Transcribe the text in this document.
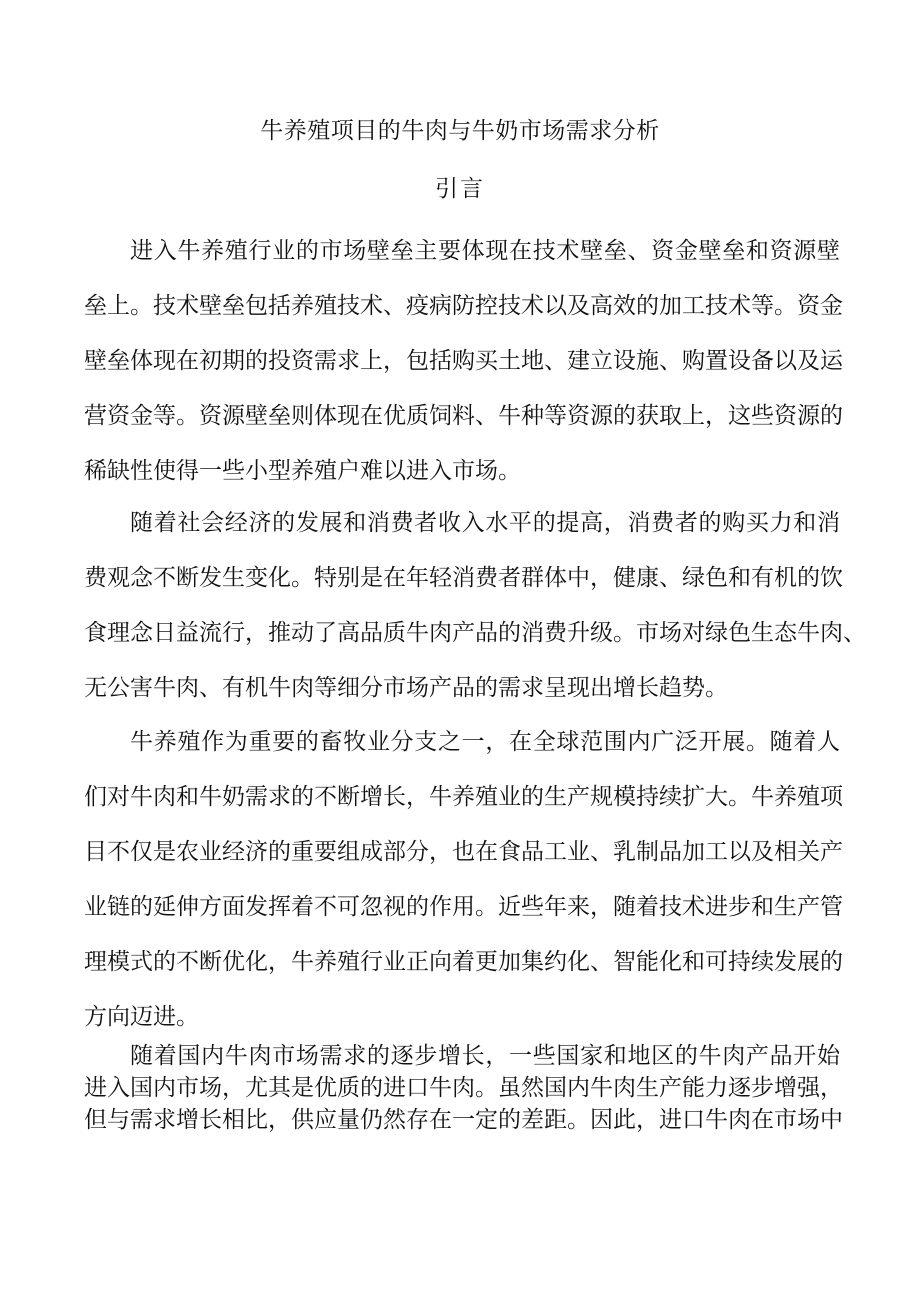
牛养殖项目的牛肉与牛奶市场需求分析
引言
进入牛养殖行业的市场壁垒主要体现在技术壁垒、资金壁垒和资源壁
垒上。技术壁垒包括养殖技术、疫病防控技术以及高效的加工技术等。资金
壁垒体现在初期的投资需求上，包括购买土地、建立设施、购置设备以及运
营资金等。资源壁垒则体现在优质饲料、牛种等资源的获取上，这些资源的
稀缺性使得一些小型养殖户难以进入市场。
随着社会经济的发展和消费者收入水平的提高，消费者的购买力和消
费观念不断发生变化。特别是在年轻消费者群体中，健康、绿色和有机的饮
食理念日益流行，推动了高品质牛肉产品的消费升级。市场对绿色生态牛肉、
无公害牛肉、有机牛肉等细分市场产品的需求呈现出增长趋势。
牛养殖作为重要的畜牧业分支之一，在全球范围内广泛开展。随着人
们对牛肉和牛奶需求的不断增长，牛养殖业的生产规模持续扩大。牛养殖项
目不仅是农业经济的重要组成部分，也在食品工业、乳制品加工以及相关产
业链的延伸方面发挥着不可忽视的作用。近些年来，随着技术进步和生产管
理模式的不断优化，牛养殖行业正向着更加集约化、智能化和可持续发展的
方向迈进。
随着国内牛肉市场需求的逐步增长，一些国家和地区的牛肉产品开始
进入国内市场，尤其是优质的进口牛肉。虽然国内牛肉生产能力逐步增强，
但与需求增长相比，供应量仍然存在一定的差距。因此，进口牛肉在市场中
